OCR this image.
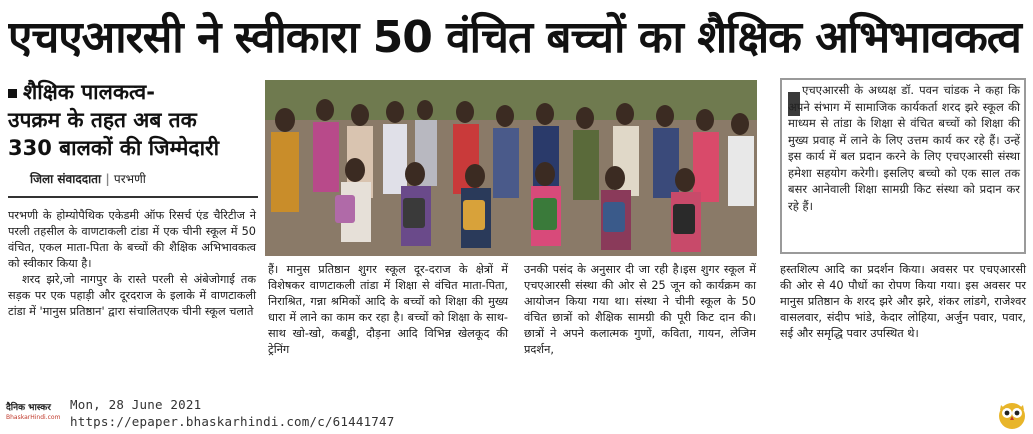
एचएआरसी ने स्वीकारा 50 वंचित बच्चों का शैक्षिक अभिभावकत्व
शैक्षिक पालकत्व-
उपक्रम के तहत अब तक
330 बालकों की जिम्मेदारी
जिला संवाददाता | परभणी

परभणी के होम्योपैथिक एकेडमी ऑफ रिसर्च एंड चैरिटीज ने परली तहसील के वाणटाकली टांडा में एक चीनी स्कूल में 50 वंचित, एकल माता-पिता के बच्चों की शैक्षिक अभिभावकत्व को स्वीकार किया है।

शरद झरे,जो नागपुर के रास्ते परली से अंबेजोगाई तक सड़क पर एक पहाड़ी और दूरदराज के इलाके में वाणटाकली टांडा में 'मानुस प्रतिष्ठान' द्वारा संचालितएक चीनी स्कूल चलाते

एचएआरसी के अध्यक्ष डॉ. पवन चांडक ने कहा कि अपने संभाग में सामाजिक कार्यकर्ता शरद झरे स्कूल की माध्यम से तांडा के शिक्षा से वंचित बच्चों को शिक्षा की मुख्य प्रवाह में लाने के लिए उत्तम कार्य कर रहे हैं। उन्हें इस कार्य में बल प्रदान करने के लिए एचएआरसी संस्था हमेशा सहयोग करेगी। इसलिए बच्चो को एक साल तक बसर आनेवाली शिक्षा सामग्री किट संस्था को प्रदान कर रहे हैं।

हैं। मानुस प्रतिष्ठान शुगर स्कूल दूर-दराज के क्षेत्रों में विशेषकर वाणटाकली तांडा में शिक्षा से वंचित माता-पिता, निराश्रित, गन्ना श्रमिकों आदि के बच्चों को शिक्षा की मुख्य धारा में लाने का काम कर रहा है। बच्चों को शिक्षा के साथ-साथ खो-खो, कबड्डी, दौड़ना आदि विभिन्न खेलकूद की ट्रेनिंग

उनकी पसंद के अनुसार दी जा रही है।इस शुगर स्कूल में एचएआरसी संस्था की ओर से 25 जून को कार्यक्रम का आयोजन किया गया था। संस्था ने चीनी स्कूल के 50 वंचित छात्रों को शैक्षिक सामग्री की पूरी किट दान की। छात्रों ने अपने कलात्मक गुणों, कविता, गायन, लेजिम प्रदर्शन,

हस्तशिल्प आदि का प्रदर्शन किया। अवसर पर एचएआरसी की ओर से 40 पौधों का रोपण किया गया। इस अवसर पर मानुस प्रतिष्ठान के शरद झरे और झरे, शंकर लांडगे, राजेश्वर वासलवार, संदीप भांडे, केदार लोहिया, अर्जुन पवार, पवार, सई और समृद्धि पवार उपस्थित थे।

दैनिक भास्कर
BhaskarHindi.com
Mon, 28 June 2021
https://epaper.bhaskarhindi.com/c/61441747
